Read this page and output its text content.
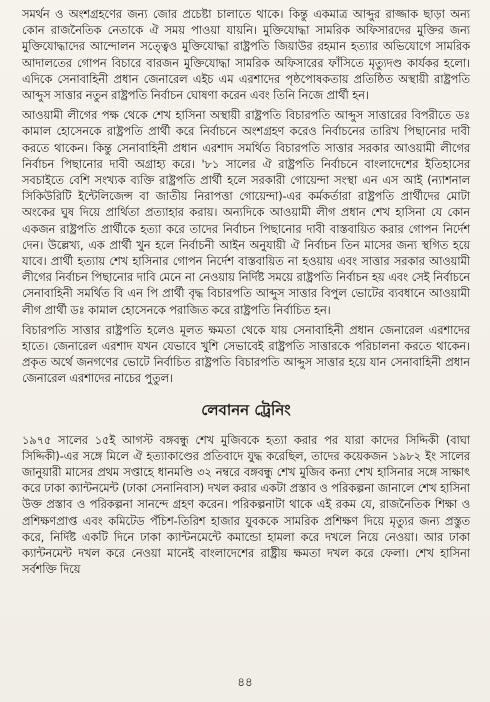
সমর্থন ও অংশগ্রহণের জন্য জোর প্রচেষ্টা চালাতে থাকে। কিন্তু একমাত্র আব্দুর রাজ্জাক ছাড়া অন্য কোন রাজনৈতিক নেতাকে ঐ সময় পাওয়া যায়নি। মুক্তিযোদ্ধা সামরিক অফিসারদের মুক্তির জন্য মুক্তিযোদ্ধাদের আন্দোলন সত্ত্বেও মুক্তিযোদ্ধা রাষ্ট্রপতি জিয়াউর রহমান হত্যার অভিযোগে সামরিক আদালতের গোপন বিচারে বারজন মুক্তিযোদ্ধা সামরিক অফিসারের ফাঁসিতে মৃত্যুদণ্ড কার্যকর হলো। এদিকে সেনাবাহিনী প্রধান জেনারেল এইচ এম এরশাদের পৃষ্ঠপোষকতায় প্রতিষ্ঠিত অস্থায়ী রাষ্ট্রপতি আব্দুস সাত্তার নতুন রাষ্ট্রপতি নির্বাচন ঘোষণা করেন এবং তিনি নিজে প্রার্থী হন।

আওয়ামী লীগের পক্ষ থেকে শেখ হাসিনা অস্থায়ী রাষ্ট্রপতি বিচারপতি আব্দুস সাত্তারের বিপরীতে ডঃ কামাল হোসেনকে রাষ্ট্রপতি প্রার্থী করে নির্বাচনে অংশগ্রহণ করেও নির্বাচনের তারিখ পিছানোর দাবী করতে থাকেন। কিন্তু সেনাবাহিনী প্রধান এরশাদ সমর্থিত বিচারপতি সাত্তার সরকার আওয়ামী লীগের নির্বাচন পিছানোর দাবী অগ্রাহ্য করে। '৮১ সালের ঐ রাষ্ট্রপতি নির্বাচনে বাংলাদেশের ইতিহাসের সবচাইতে বেশি সংখ্যক ব্যক্তি রাষ্ট্রপতি প্রার্থী হলে সরকারী গোয়েন্দা সংস্থা এন এস আই (ন্যাশনাল সিকিউরিটি ইন্টেলিজেন্স বা জাতীয় নিরাপত্তা গোয়েন্দা)-এর কর্মকর্তারা রাষ্ট্রপতি প্রার্থীদের মোটা অংকের ঘুষ দিয়ে প্রার্থিতা প্রত্যাহার করায়। অন্যদিকে আওয়ামী লীগ প্রধান শেখ হাসিনা যে কোন একজন রাষ্ট্রপতি প্রার্থীকে হত্যা করে তাদের নির্বাচন পিছানোর দাবী বাস্তবায়িত করার গোপন নির্দেশ দেন। উল্লেখ্য, এক প্রার্থী খুন হলে নির্বাচনী আইন অনুযায়ী ঐ নির্বাচন তিন মাসের জন্য স্থগিত হয়ে যাবে। প্রার্থী হত্যায় শেখ হাসিনার গোপন নির্দেশ বাস্তবায়িত না হওয়ায় এবং সাত্তার সরকার আওয়ামী লীগের নির্বাচন পিছানোর দাবি মেনে না নেওয়ায় নির্দিষ্ট সময়ে রাষ্ট্রপতি নির্বাচন হয় এবং সেই নির্বাচনে সেনাবাহিনী সমর্থিত বি এন পি প্রার্থী বৃদ্ধ বিচারপতি আব্দুস সাত্তার বিপুল ভোটের ব্যবধানে আওয়ামী লীগ প্রার্থী ডঃ কামাল হোসেনকে পরাজিত করে রাষ্ট্রপতি নির্বাচিত হন।

বিচারপতি সাত্তার রাষ্ট্রপতি হলেও মূলত ক্ষমতা থেকে যায় সেনাবাহিনী প্রধান জেনারেল এরশাদের হাতে। জেনারেল এরশাদ যখন যেভাবে খুশি সেভাবেই রাষ্ট্রপতি সাত্তারকে পরিচালনা করতে থাকেন। প্রকৃত অর্থে জনগণের ভোটে নির্বাচিত রাষ্ট্রপতি বিচারপতি আব্দুস সাত্তার হয়ে যান সেনাবাহিনী প্রধান জেনারেল এরশাদের নাচের পুতুল।

লেবানন ট্রেনিং

১৯৭৫ সালের ১৫ই আগস্ট বঙ্গবন্ধু শেখ মুজিবকে হত্যা করার পর যারা কাদের সিদ্দিকী (বাঘা সিদ্দিকী)-এর সঙ্গে মিলে ঐ হত্যাকাণ্ডের প্রতিবাদে যুদ্ধ করেছিল, তাদের কয়েকজন ১৯৮২ ইং সালের জানুয়ারী মাসের প্রথম সপ্তাহে ধানমণ্ডি ৩২ নম্বরে বঙ্গবন্ধু শেখ মুজিব কন্যা শেখ হাসিনার সঙ্গে সাক্ষাৎ করে ঢাকা ক্যান্টনমেন্ট (ঢাকা সেনানিবাস) দখল করার একটা প্রস্তাব ও পরিকল্পনা জানালে শেখ হাসিনা উক্ত প্রস্তাব ও পরিকল্পনা সানন্দে গ্রহণ করেন। পরিকল্পনাটা থাকে এই রকম যে, রাজনৈতিক শিক্ষা ও প্রশিক্ষণপ্রাপ্ত এবং কমিটেড পঁচিশ-তিরিশ হাজার যুবককে সামরিক প্রশিক্ষণ দিয়ে মৃত্যুর জন্য প্রস্তুত করে, নির্দিষ্ট একটি দিনে ঢাকা ক্যান্টনমেন্টে কমান্ডো হামলা করে দখলে নিয়ে নেওয়া। আর ঢাকা ক্যান্টনমেন্ট দখল করে নেওয়া মানেই বাংলাদেশের রাষ্ট্রীয় ক্ষমতা দখল করে ফেলা। শেখ হাসিনা সর্বশক্তি দিয়ে

৪৪
